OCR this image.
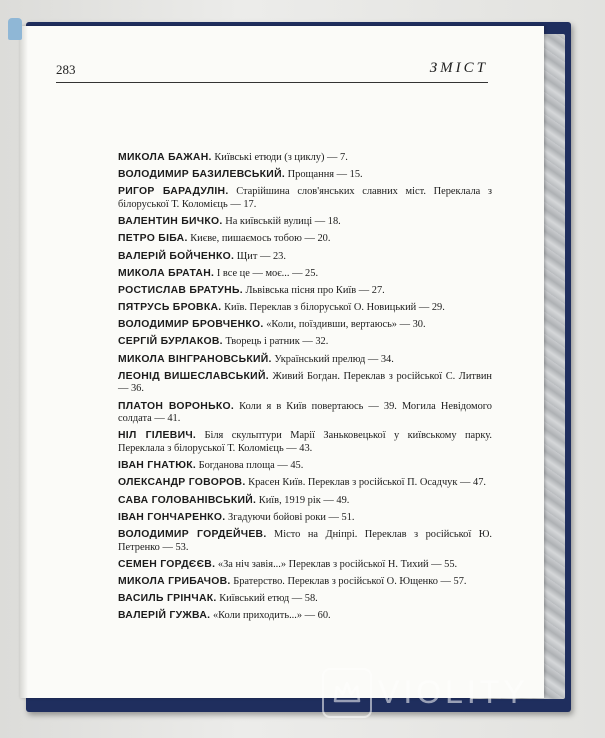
283	ЗМІСТ
МИКОЛА БАЖАН. Київські етюди (з циклу) — 7.
ВОЛОДИМИР БАЗИЛЕВСЬКИЙ. Прощання — 15.
РИГОР БАРАДУЛІН. Старійшина слов'янських славних міст. Переклала з білоруської Т. Коломієць — 17.
ВАЛЕНТИН БИЧКО. На київській вулиці — 18.
ПЕТРО БІБА. Києве, пишаємось тобою — 20.
ВАЛЕРІЙ БОЙЧЕНКО. Щит — 23.
МИКОЛА БРАТАН. І все це — моє... — 25.
РОСТИСЛАВ БРАТУНЬ. Львівська пісня про Київ — 27.
ПЯТРУСЬ БРОВКА. Київ. Переклав з білоруської О. Новицький — 29.
ВОЛОДИМИР БРОВЧЕНКО. «Коли, поїздивши, вертаюсь» — 30.
СЕРГІЙ БУРЛАКОВ. Творець і ратник — 32.
МИКОЛА ВІНГРАНОВСЬКИЙ. Український прелюд — 34.
ЛЕОНІД ВИШЕСЛАВСЬКИЙ. Живий Богдан. Переклав з російської С. Литвин — 36.
ПЛАТОН ВОРОНЬКО. Коли я в Київ повертаюсь — 39. Могила Невідомого солдата — 41.
НІЛ ГІЛЕВИЧ. Біля скульптури Марії Заньковецької у київському парку. Переклала з білоруської Т. Коломієць — 43.
ІВАН ГНАТЮК. Богданова площа — 45.
ОЛЕКСАНДР ГОВОРОВ. Красен Київ. Переклав з російської П. Осадчук — 47.
САВА ГОЛОВАНІВСЬКИЙ. Київ, 1919 рік — 49.
ІВАН ГОНЧАРЕНКО. Згадуючи бойові роки — 51.
ВОЛОДИМИР ГОРДЕЙЧЕВ. Місто на Дніпрі. Переклав з російської Ю. Петренко — 53.
СЕМЕН ГОРДЄЄВ. «За ніч завія...» Переклав з російської Н. Тихий — 55.
МИКОЛА ГРИБАЧОВ. Братерство. Переклав з російської О. Ющенко — 57.
ВАСИЛЬ ГРІНЧАК. Київський етюд — 58.
ВАЛЕРІЙ ГУЖВА. «Коли приходить...» — 60.
VIOLITY
